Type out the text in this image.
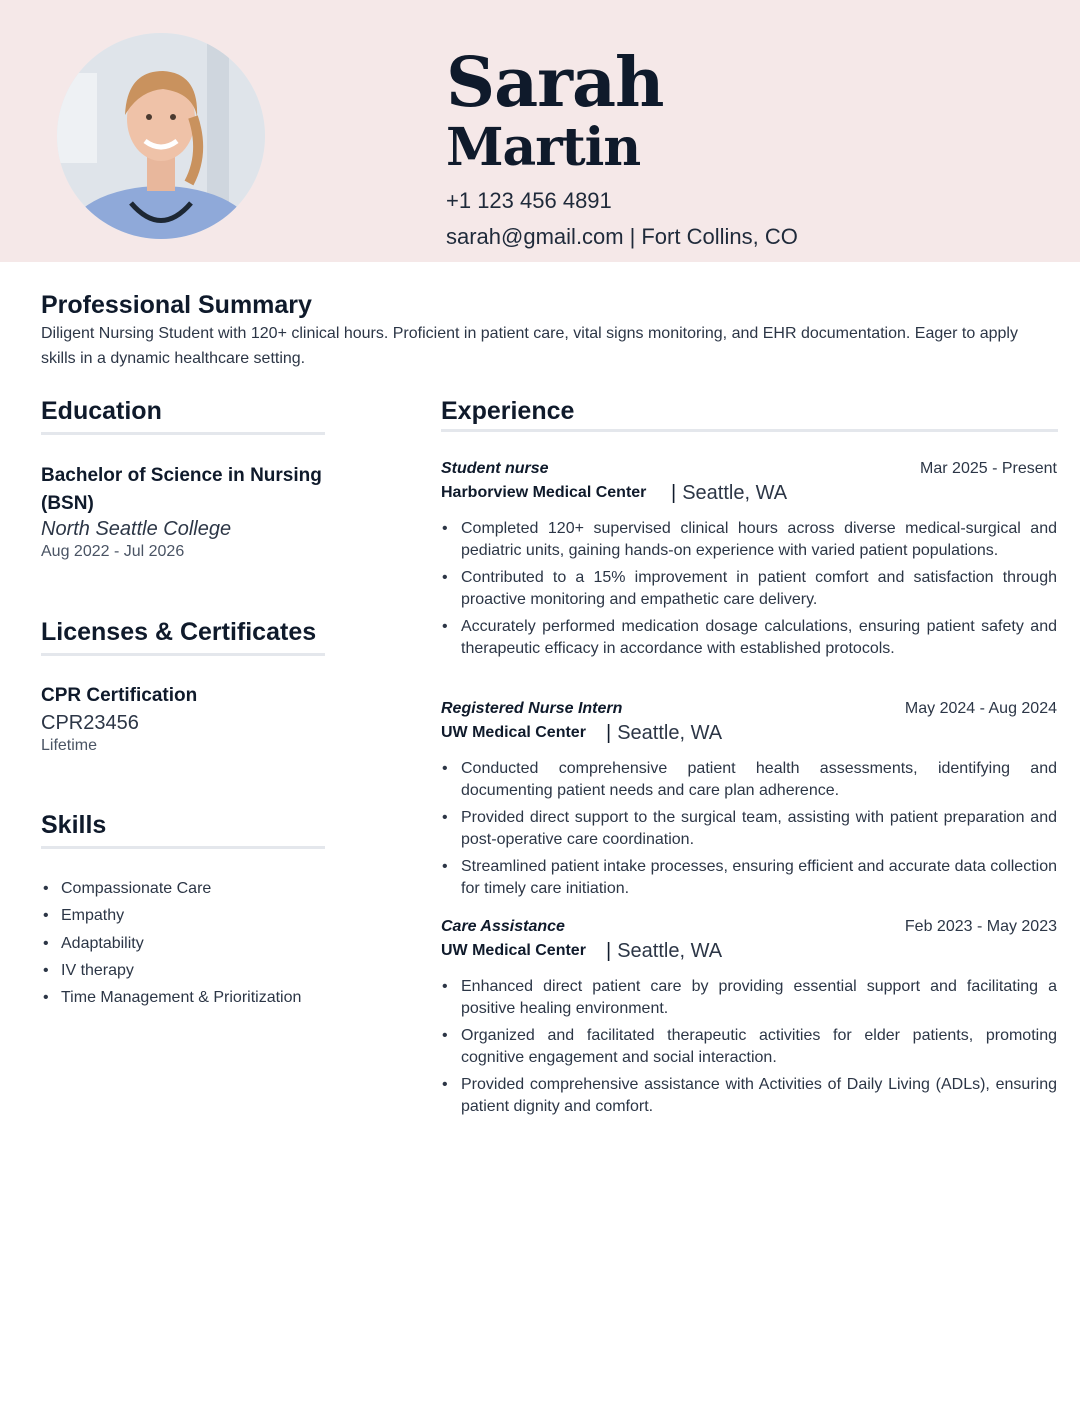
Sarah
Martin
+1 123 456 4891
sarah@gmail.com | Fort Collins, CO
Professional Summary
Diligent Nursing Student with 120+ clinical hours. Proficient in patient care, vital signs monitoring, and EHR documentation. Eager to apply skills in a dynamic healthcare setting.
Education
Bachelor of Science in Nursing (BSN)
North Seattle College
Aug 2022 - Jul 2026
Licenses & Certificates
CPR Certification
CPR23456
Lifetime
Skills
• Compassionate Care
• Empathy
• Adaptability
• IV therapy
• Time Management & Prioritization
Experience
Student nurse	Mar 2025 - Present
Harborview Medical Center | Seattle, WA
• Completed 120+ supervised clinical hours across diverse medical-surgical and pediatric units, gaining hands-on experience with varied patient populations.
• Contributed to a 15% improvement in patient comfort and satisfaction through proactive monitoring and empathetic care delivery.
• Accurately performed medication dosage calculations, ensuring patient safety and therapeutic efficacy in accordance with established protocols.
Registered Nurse Intern	May 2024 - Aug 2024
UW Medical Center | Seattle, WA
• Conducted comprehensive patient health assessments, identifying and documenting patient needs and care plan adherence.
• Provided direct support to the surgical team, assisting with patient preparation and post-operative care coordination.
• Streamlined patient intake processes, ensuring efficient and accurate data collection for timely care initiation.
Care Assistance	Feb 2023 - May 2023
UW Medical Center | Seattle, WA
• Enhanced direct patient care by providing essential support and facilitating a positive healing environment.
• Organized and facilitated therapeutic activities for elder patients, promoting cognitive engagement and social interaction.
• Provided comprehensive assistance with Activities of Daily Living (ADLs), ensuring patient dignity and comfort.
